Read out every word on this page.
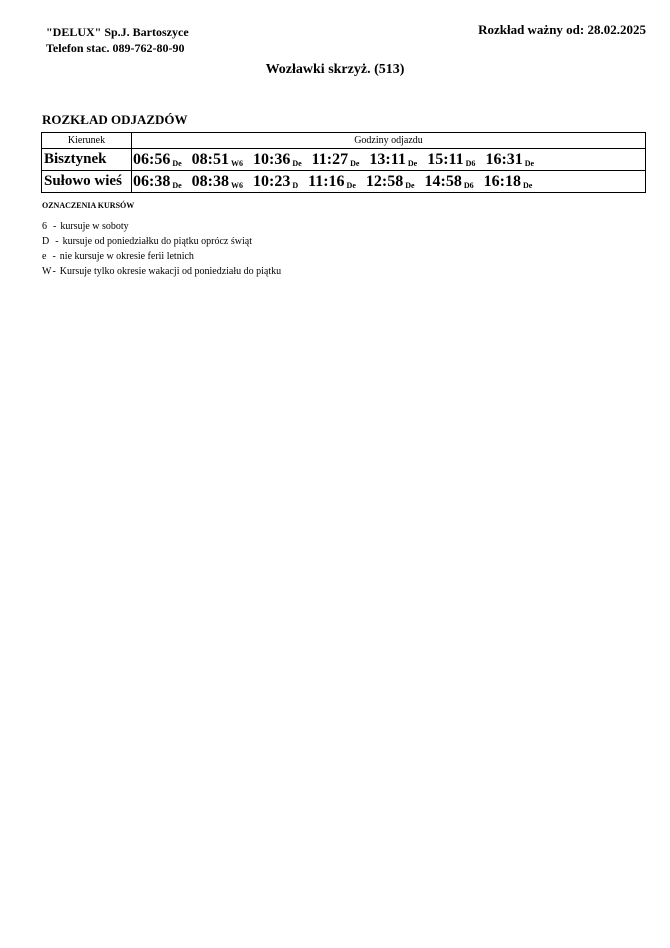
"DELUX" Sp.J. Bartoszyce
Telefon stac. 089-762-80-90
Rozkład ważny od: 28.02.2025
Wozławki skrzyż. (513)
ROZKŁAD ODJAZDÓW
Kierunek	Godziny odjazdu
Bisztynek	06:56 $_{De}$ 08:51 $_{W6}$ 10:36 $_{De}$ 11:27 $_{De}$ 13:11 $_{De}$ 15:11 $_{D6}$ 16:31 $_{De}$
Sułowo wieś	06:38 $_{De}$ 08:38 $_{W6}$ 10:23 $_D$ 11:16 $_{De}$ 12:58 $_{De}$ 14:58 $_{D6}$ 16:18 $_{De}$
OZNACZENIA KURSÓW
6 - kursuje w soboty
D - kursuje od poniedziałku do piątku oprócz świąt
e - nie kursuje w okresie ferii letnich
W- Kursuje tylko okresie wakacji od poniedziału do piątku
